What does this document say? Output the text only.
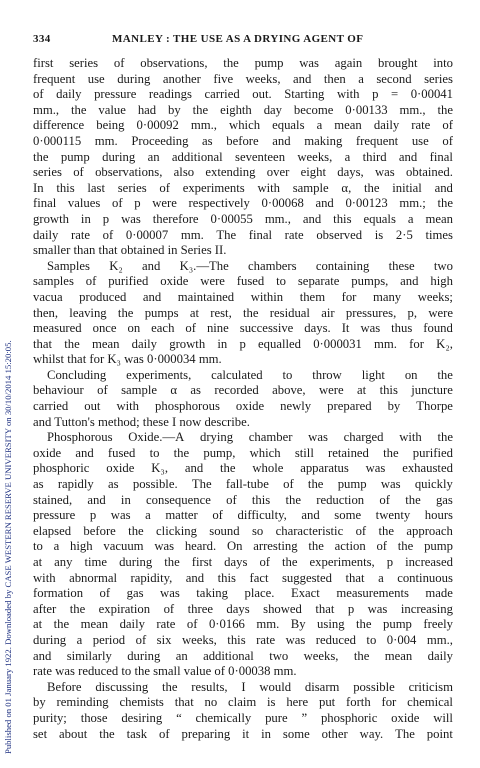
Published on 01 January 1922. Downloaded by CASE WESTERN RESERVE UNIVERSITY on 30/10/2014 15:20:05.
334	MANLEY : THE USE AS A DRYING AGENT OF
first series of observations, the pump was again brought into
frequent use during another five weeks, and then a second series
of daily pressure readings carried out. Starting with p = 0·00041
mm., the value had by the eighth day become 0·00133 mm., the
difference being 0·00092 mm., which equals a mean daily rate of
0·000115 mm. Proceeding as before and making frequent use of
the pump during an additional seventeen weeks, a third and final
series of observations, also extending over eight days, was obtained.
In this last series of experiments with sample α, the initial and
final values of p were respectively 0·00068 and 0·00123 mm.; the
growth in p was therefore 0·00055 mm., and this equals a mean
daily rate of 0·00007 mm. The final rate observed is 2·5 times
smaller than that obtained in Series II.
Samples K₂ and K₃.—The chambers containing these two
samples of purified oxide were fused to separate pumps, and high
vacua produced and maintained within them for many weeks;
then, leaving the pumps at rest, the residual air pressures, p, were
measured once on each of nine successive days. It was thus found
that the mean daily growth in p equalled 0·000031 mm. for K₂,
whilst that for K₃ was 0·000034 mm.
Concluding experiments, calculated to throw light on the
behaviour of sample α as recorded above, were at this juncture
carried out with phosphorous oxide newly prepared by Thorpe
and Tutton's method; these I now describe.
Phosphorous Oxide.—A drying chamber was charged with the
oxide and fused to the pump, which still retained the purified
phosphoric oxide K₃, and the whole apparatus was exhausted
as rapidly as possible. The fall-tube of the pump was quickly
stained, and in consequence of this the reduction of the gas
pressure p was a matter of difficulty, and some twenty hours
elapsed before the clicking sound so characteristic of the approach
to a high vacuum was heard. On arresting the action of the pump
at any time during the first days of the experiments, p increased
with abnormal rapidity, and this fact suggested that a continuous
formation of gas was taking place. Exact measurements made
after the expiration of three days showed that p was increasing
at the mean daily rate of 0·0166 mm. By using the pump freely
during a period of six weeks, this rate was reduced to 0·004 mm.,
and similarly during an additional two weeks, the mean daily
rate was reduced to the small value of 0·00038 mm.
Before discussing the results, I would disarm possible criticism
by reminding chemists that no claim is here put forth for chemical
purity; those desiring “ chemically pure ” phosphoric oxide will
set about the task of preparing it in some other way. The point
